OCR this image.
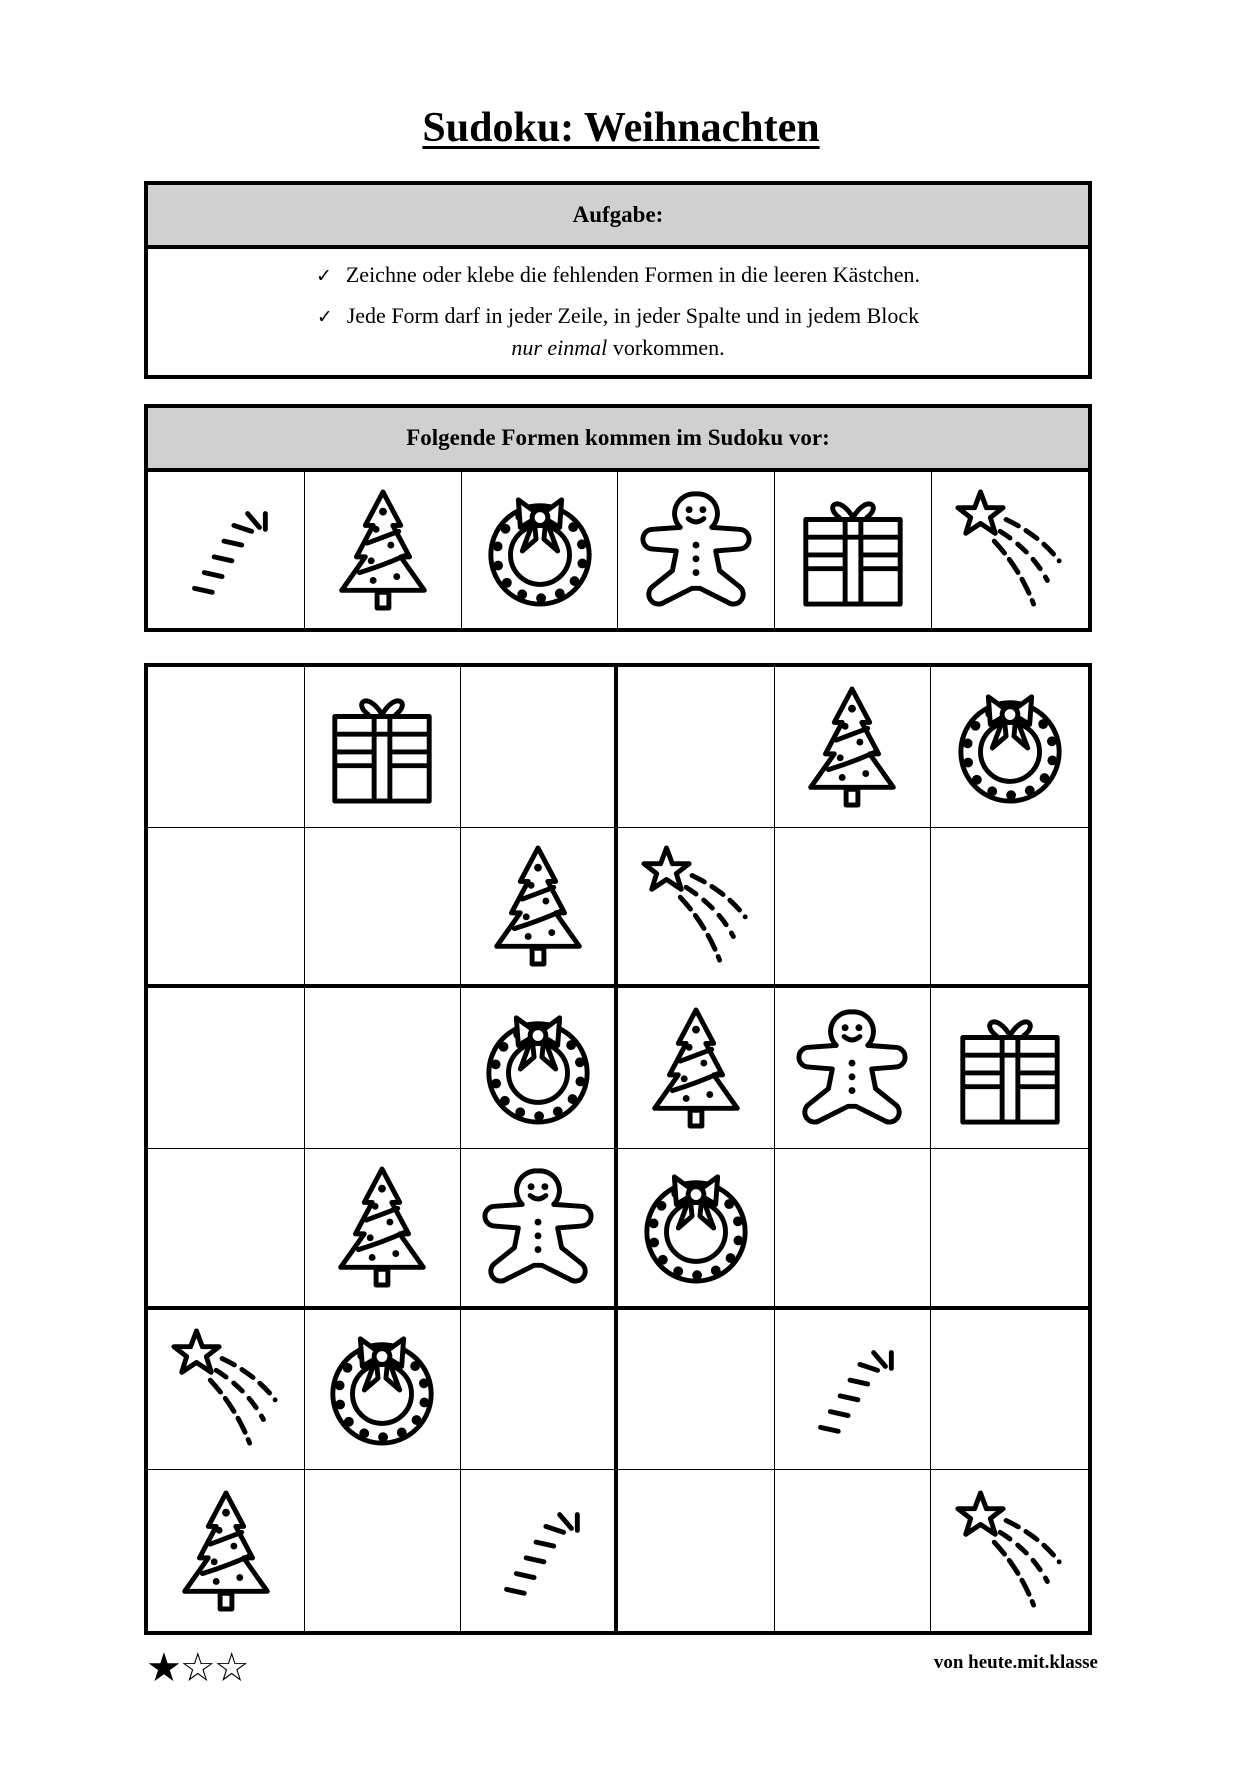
Sudoku: Weihnachten
Aufgabe:
✓ Zeichne oder klebe die fehlenden Formen in die leeren Kästchen.
✓ Jede Form darf in jeder Zeile, in jeder Spalte und in jedem Block
nur einmal vorkommen.
Folgende Formen kommen im Sudoku vor:
★☆☆	von heute.mit.klasse
